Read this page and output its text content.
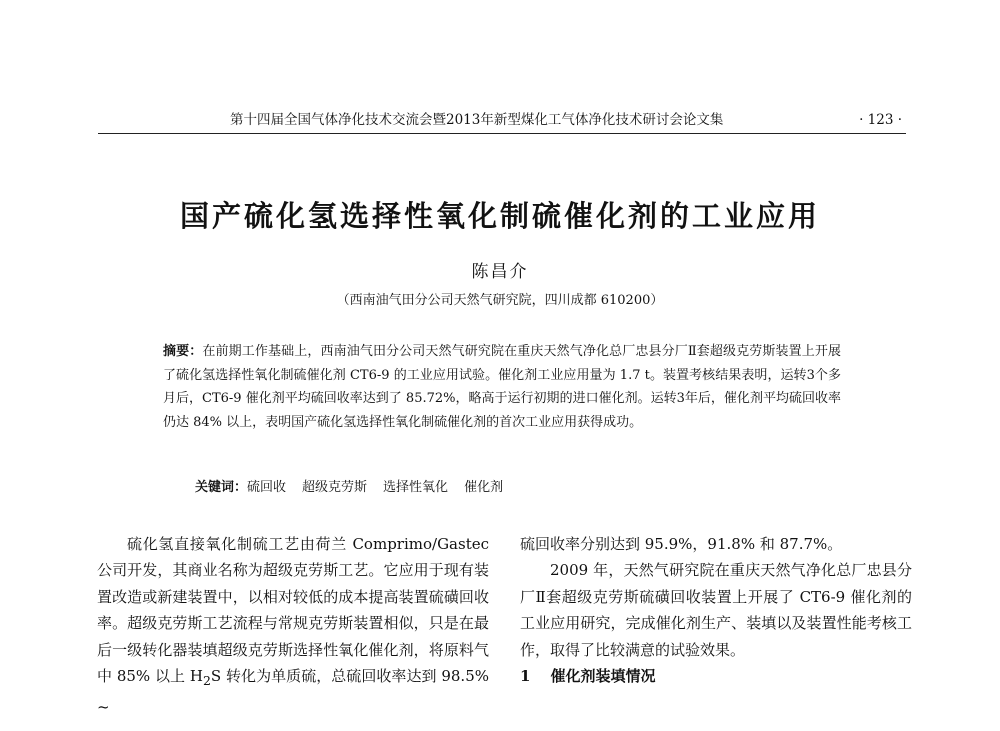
第十四届全国气体净化技术交流会暨2013年新型煤化工气体净化技术研讨会论文集	· 123 ·
国产硫化氢选择性氧化制硫催化剂的工业应用
陈昌介
（西南油气田分公司天然气研究院，四川成都 610200）
摘要：在前期工作基础上，西南油气田分公司天然气研究院在重庆天然气净化总厂忠县分厂Ⅱ套超级克劳斯装置上开展了硫化氢选择性氧化制硫催化剂 CT6-9 的工业应用试验。催化剂工业应用量为 1.7 t。装置考核结果表明，运转3个多月后，CT6-9 催化剂平均硫回收率达到了 85.72%，略高于运行初期的进口催化剂。运转3年后，催化剂平均硫回收率仍达 84% 以上，表明国产硫化氢选择性氧化制硫催化剂的首次工业应用获得成功。
关键词：硫回收 超级克劳斯 选择性氧化 催化剂

硫化氢直接氧化制硫工艺由荷兰 Comprimo/Gastec 公司开发，其商业名称为超级克劳斯工艺。它应用于现有装置改造或新建装置中，以相对较低的成本提高装置硫磺回收率。超级克劳斯工艺流程与常规克劳斯装置相似，只是在最后一级转化器装填超级克劳斯选择性氧化催化剂，将原料气中 85% 以上 $H_2S$ 转化为单质硫，总硫回收率达到 98.5% ~

硫回收率分别达到 95.9%，91.8% 和 87.7%。

2009 年，天然气研究院在重庆天然气净化总厂忠县分厂Ⅱ套超级克劳斯硫磺回收装置上开展了 CT6-9 催化剂的工业应用研究，完成催化剂生产、装填以及装置性能考核工作，取得了比较满意的试验效果。

1 催化剂装填情况
